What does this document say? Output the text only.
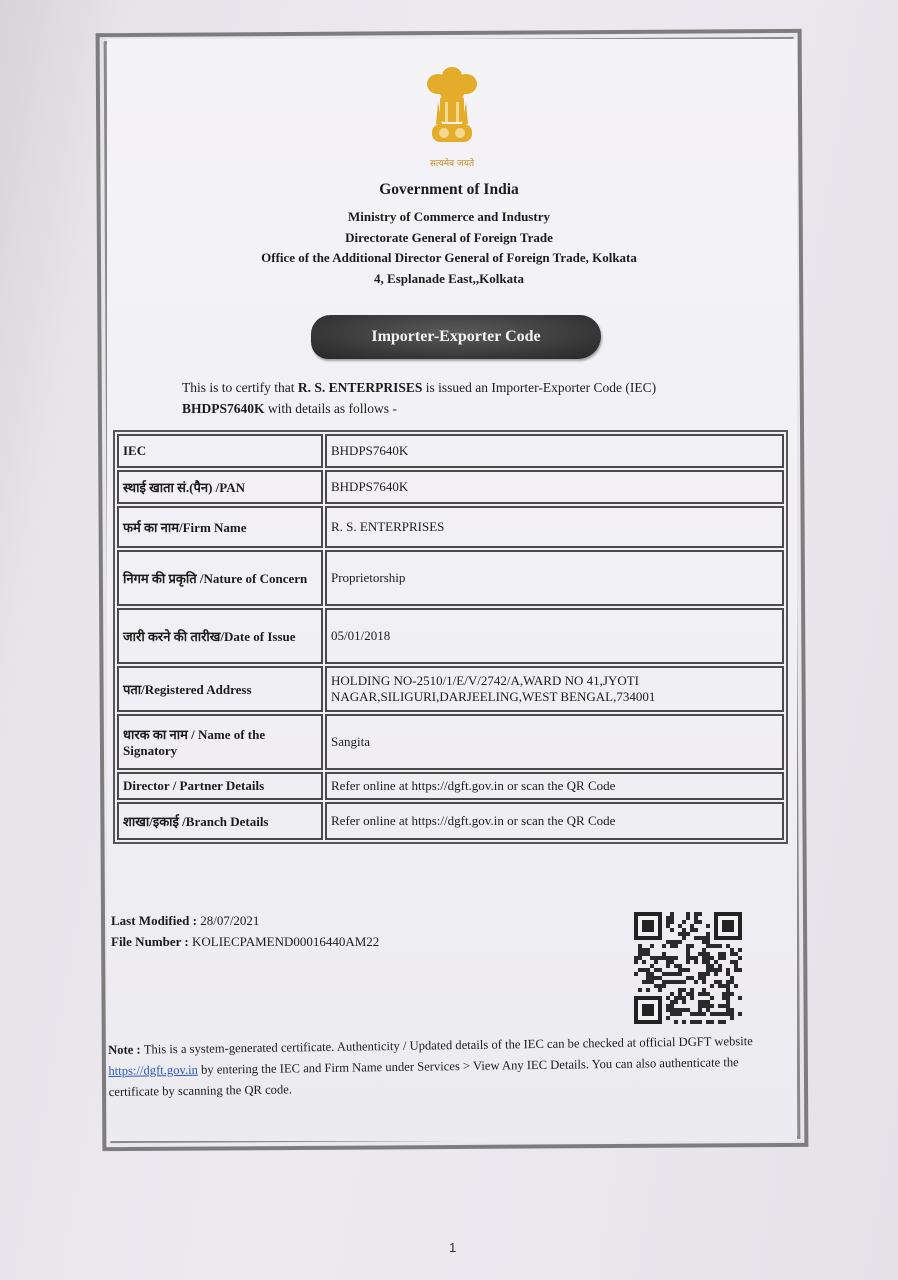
सत्यमेव जयते
Government of India
Ministry of Commerce and Industry
Directorate General of Foreign Trade
Office of the Additional Director General of Foreign Trade, Kolkata
4, Esplanade East,,Kolkata
Importer-Exporter Code
This is to certify that R. S. ENTERPRISES is issued an Importer-Exporter Code (IEC)
BHDPS7640K with details as follows -
IEC	BHDPS7640K
स्थाई खाता सं.(पैन) /PAN	BHDPS7640K
फर्म का नाम/Firm Name	R. S. ENTERPRISES
निगम की प्रकृति /Nature of Concern	Proprietorship
जारी करने की तारीख/Date of Issue	05/01/2018
पता/Registered Address	HOLDING NO-2510/1/E/V/2742/A,WARD NO 41,JYOTI NAGAR,SILIGURI,DARJEELING,WEST BENGAL,734001
धारक का नाम / Name of the Signatory	Sangita
Director / Partner Details	Refer online at https://dgft.gov.in or scan the QR Code
शाखा/इकाई /Branch Details	Refer online at https://dgft.gov.in or scan the QR Code
Last Modified : 28/07/2021
File Number : KOLIECPAMEND00016440AM22
Note : This is a system-generated certificate. Authenticity / Updated details of the IEC can be checked at official DGFT website https://dgft.gov.in by entering the IEC and Firm Name under Services > View Any IEC Details. You can also authenticate the certificate by scanning the QR code.
1
